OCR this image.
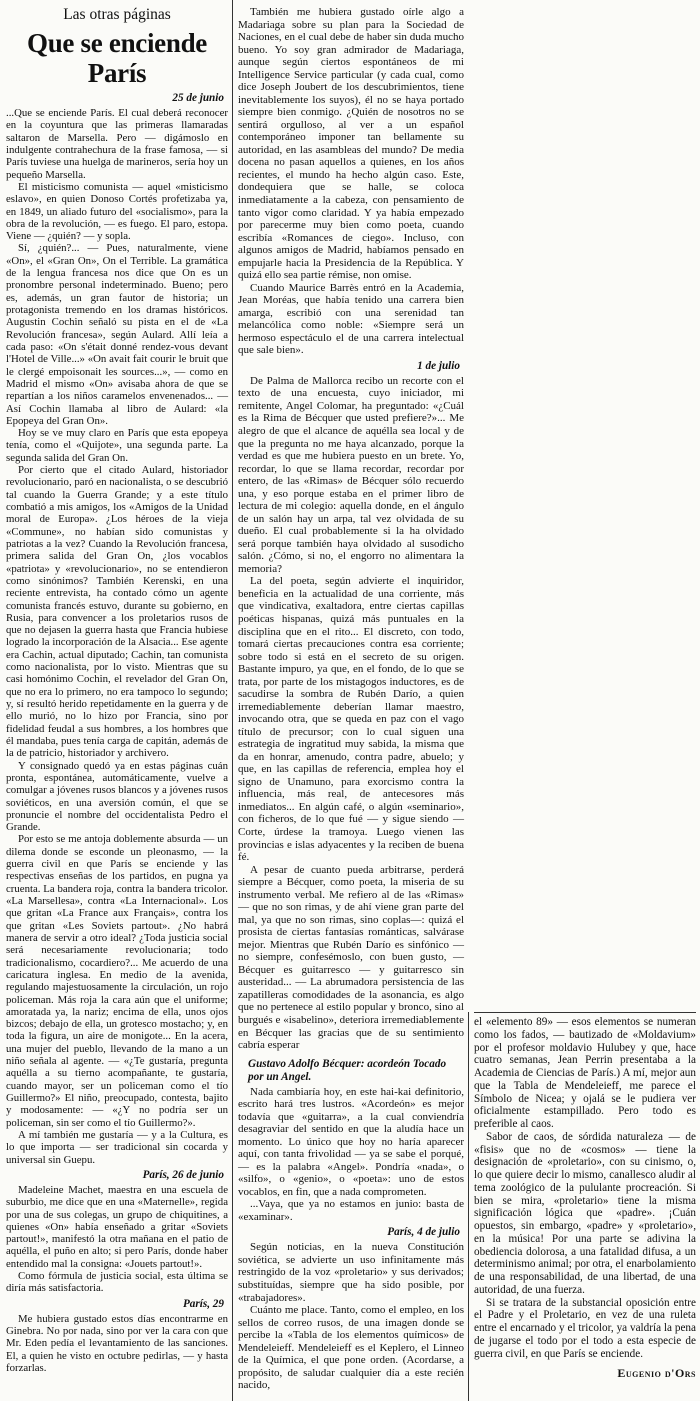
Las otras páginas
Que se enciende París
25 de junio

...Que se enciende París. El cual deberá reconocer en la coyuntura que las primeras llamaradas saltaron de Marsella. Pero — digámoslo en indulgente contrahechura de la frase famosa, — si París tuviese una huelga de marineros, sería hoy un pequeño Marsella.

El misticismo comunista — aquel «misticismo eslavo», en quien Donoso Cortés profetizaba ya, en 1849, un aliado futuro del «socialismo», para la obra de la revolución, — es fuego. El paro, estopa. Viene — ¿quién? — y sopla.

Sí, ¿quién?... — Pues, naturalmente, viene «On», el «Gran On», On el Terrible. La gramática de la lengua francesa nos dice que On es un pronombre personal indeterminado. Bueno; pero es, además, un gran fautor de historia; un protagonista tremendo en los dramas históricos. Augustin Cochin señaló su pista en el de «La Revolución francesa», según Aulard. Allí leía a cada paso: «On s'était donné rendez-vous devant l'Hotel de Ville...» «On avait fait courir le bruit que le clergé empoisonait les sources...», — como en Madrid el mismo «On» avisaba ahora de que se repartían a los niños caramelos envenenados... — Así Cochin llamaba al libro de Aulard: «la Epopeya del Gran On».

Hoy se ve muy claro en París que esta epopeya tenía, como el «Quijote», una segunda parte. La segunda salida del Gran On.

Por cierto que el citado Aulard, historiador revolucionario, paró en nacionalista, o se descubrió tal cuando la Guerra Grande; y a este título combatió a mis amigos, los «Amigos de la Unidad moral de Europa». ¿Los héroes de la vieja «Commune», no habían sido comunistas y patriotas a la vez? Cuando la Revolución francesa, primera salida del Gran On, ¿los vocablos «patriota» y «revolucionario», no se entendieron como sinónimos? También Kerenski, en una reciente entrevista, ha contado cómo un agente comunista francés estuvo, durante su gobierno, en Rusia, para convencer a los proletarios rusos de que no dejasen la guerra hasta que Francia hubiese logrado la incorporación de la Alsacia... Ese agente era Cachin, actual diputado; Cachin, tan comunista como nacionalista, por lo visto. Mientras que su casi homónimo Cochin, el revelador del Gran On, que no era lo primero, no era tampoco lo segundo; y, sí resultó herido repetidamente en la guerra y de ello murió, no lo hizo por Francia, sino por fidelidad feudal a sus hombres, a los hombres que él mandaba, pues tenía carga de capitán, además de la de patricio, historiador y archivero.

Y consignado quedó ya en estas páginas cuán pronta, espontánea, automáticamente, vuelve a comulgar a jóvenes rusos blancos y a jóvenes rusos soviéticos, en una aversión común, el que se pronuncie el nombre del occidentalista Pedro el Grande.

Por esto se me antoja doblemente absurda — un dilema donde se esconde un pleonasmo, — la guerra civil en que París se enciende y las respectivas enseñas de los partidos, en pugna ya cruenta. La bandera roja, contra la bandera tricolor. «La Marsellesa», contra «La Internacional». Los que gritan «La France aux Français», contra los que gritan «Les Soviets partout». ¿No habrá manera de servir a otro ideal? ¿Toda justicia social será necesariamente revolucionaria; todo tradicionalismo, cocardiero?... Me acuerdo de una caricatura inglesa. En medio de la avenida, regulando majestuosamente la circulación, un rojo policeman. Más roja la cara aún que el uniforme; amoratada ya, la nariz; encima de ella, unos ojos bizcos; debajo de ella, un grotesco mostacho; y, en toda la figura, un aire de monigote... En la acera, una mujer del pueblo, llevando de la mano a un niño señala al agente. — «¿Te gustaría, pregunta aquélla a su tierno acompañante, te gustaría, cuando mayor, ser un policeman como el tío Guillermo?» El niño, preocupado, contesta, bajito y modosamente: — «¿Y no podría ser un policeman, sin ser como el tío Guillermo?».

A mí también me gustaría — y a la Cultura, es lo que importa — ser tradicional sin cocarda y universal sin Guepu.

París, 26 de junio

Madeleine Machet, maestra en una escuela de suburbio, me dice que en una «Maternelle», regida por una de sus colegas, un grupo de chiquitines, a quienes «On» había enseñado a gritar «Soviets partout!», manifestó la otra mañana en el patio de aquélla, el puño en alto; si pero París, donde haber entendido mal la consigna: «Jouets partout!».

Como fórmula de justicia social, esta última se diría más satisfactoria.

París, 29

Me hubiera gustado estos días encontrarme en Ginebra. No por nada, sino por ver la cara con que Mr. Eden pedía el levantamiento de las sanciones. El, a quien he visto en octubre pedirlas, — y hasta forzarlas.

También me hubiera gustado oírle algo a Madariaga sobre su plan para la Sociedad de Naciones, en el cual debe de haber sin duda mucho bueno. Yo soy gran admirador de Madariaga, aunque según ciertos espontáneos de mi Intelligence Service particular (y cada cual, como dice Joseph Joubert de los descubrimientos, tiene inevitablemente los suyos), él no se haya portado siempre bien conmigo. ¿Quién de nosotros no se sentirá orgulloso, al ver a un español contemporáneo imponer tan bellamente su autoridad, en las asambleas del mundo? De media docena no pasan aquellos a quienes, en los años recientes, el mundo ha hecho algún caso. Este, dondequiera que se halle, se coloca inmediatamente a la cabeza, con pensamiento de tanto vigor como claridad. Y ya había empezado por parecerme muy bien como poeta, cuando escribía «Romances de ciego». Incluso, con algunos amigos de Madrid, habíamos pensado en empujarle hacia la Presidencia de la República. Y quizá ello sea partie rémise, non omise.

Cuando Maurice Barrès entró en la Academia, Jean Moréas, que había tenido una carrera bien amarga, escribió con una serenidad tan melancólica como noble: «Siempre será un hermoso espectáculo el de una carrera intelectual que sale bien».

1 de julio

De Palma de Mallorca recibo un recorte con el texto de una encuesta, cuyo iniciador, mi remitente, Angel Colomar, ha preguntado: «¿Cuál es la Rima de Bécquer que usted prefiere?»... Me alegro de que el alcance de aquélla sea local y de que la pregunta no me haya alcanzado, porque la verdad es que me hubiera puesto en un brete. Yo, recordar, lo que se llama recordar, recordar por entero, de las «Rimas» de Bécquer sólo recuerdo una, y eso porque estaba en el primer libro de lectura de mi colegio: aquella donde, en el ángulo de un salón hay un arpa, tal vez olvidada de su dueño. El cual probablemente si la ha olvidado será porque también haya olvidado al susodicho salón. ¿Cómo, si no, el engorro no alimentara la memoria?

La del poeta, según advierte el inquiridor, beneficia en la actualidad de una corriente, más que vindicativa, exaltadora, entre ciertas capillas poéticas hispanas, quizá más puntuales en la disciplina que en el rito... El discreto, con todo, tomará ciertas precauciones contra esa corriente; sobre todo si está en el secreto de su origen. Bastante impuro, ya que, en el fondo, de lo que se trata, por parte de los mistagogos inductores, es de sacudirse la sombra de Rubén Darío, a quien irremediablemente deberían llamar maestro, invocando otra, que se queda en paz con el vago título de precursor; con lo cual siguen una estrategia de ingratitud muy sabida, la misma que da en honrar, amenudo, contra padre, abuelo; y que, en las capillas de referencia, emplea hoy el signo de Unamuno, para exorcismo contra la influencia, más real, de antecesores más inmediatos... En algún café, o algún «seminario», con ficheros, de lo que fué — y sigue siendo — Corte, úrdese la tramoya. Luego vienen las provincias e islas adyacentes y la reciben de buena fé.

A pesar de cuanto pueda arbitrarse, perderá siempre a Bécquer, como poeta, la miseria de su instrumento verbal. Me refiero al de las «Rimas» — que no son rimas, y de ahí viene gran parte del mal, ya que no son rimas, sino coplas—: quizá el prosista de ciertas fantasías románticas, salvárase mejor. Mientras que Rubén Darío es sinfónico — no siempre, confesémoslo, con buen gusto, — Bécquer es guitarresco — y guitarresco sin austeridad... — La abrumadora persistencia de las zapatilleras comodidades de la asonancia, es algo que no pertenece al estilo popular y bronco, sino al burgués e «isabelino», deteriora irremediablemente en Bécquer las gracias que de su sentimiento cabría esperar

Gustavo Adolfo Bécquer: acordeón Tocado por un Angel.

Nada cambiaría hoy, en este hai-kai definitorio, escrito hará tres lustros. «Acordeón» es mejor todavía que «guitarra», a la cual conviendría desagraviar del sentido en que la aludía hace un momento. Lo único que hoy no haría aparecer aquí, con tanta frivolidad — ya se sabe el porqué, — es la palabra «Angel». Pondría «nada», o «silfo», o «genio», o «poeta»: uno de estos vocablos, en fin, que a nada comprometen.

...Vaya, que ya no estamos en junio: basta de «examinar».

París, 4 de julio

Según noticias, en la nueva Constitución soviética, se advierte un uso infinitamente más restringido de la voz «proletario» y sus derivados; substituídas, siempre que ha sido posible, por «trabajadores».

Cuánto me place. Tanto, como el empleo, en los sellos de correo rusos, de una imagen donde se percibe la «Tabla de los elementos químicos» de Mendeleieff. Mendeleieff es el Keplero, el Linneo de la Química, el que pone orden. (Acordarse, a propósito, de saludar cualquier día a este recién nacido,

el «elemento 89» — esos elementos se numeran como los fados, — bautizado de «Moldavium» por el profesor moldavio Hulubey y que, hace cuatro semanas, Jean Perrin presentaba a la Academia de Ciencias de París.) A mí, mejor aun que la Tabla de Mendeleieff, me parece el Símbolo de Nicea; y ojalá se le pudiera ver oficialmente estampillado. Pero todo es preferible al caos.

Sabor de caos, de sórdida naturaleza — de «fisis» que no de «cosmos» — tiene la designación de «proletario», con su cinismo, o, lo que quiere decir lo mismo, canallesco aludir al tema zoológico de la pululante procreación. Si bien se mira, «proletario» tiene la misma significación lógica que «padre». ¡Cuán opuestos, sin embargo, «padre» y «proletario», en la música! Por una parte se adivina la obediencia dolorosa, a una fatalidad difusa, a un determinismo animal; por otra, el enarbolamiento de una responsabilidad, de una libertad, de una autoridad, de una fuerza.

Si se tratara de la substancial oposición entre el Padre y el Proletario, en vez de una ruleta entre el encarnado y el tricolor, ya valdría la pena de jugarse el todo por el todo a esta especie de guerra civil, en que París se enciende.

Eugenio d'Ors
